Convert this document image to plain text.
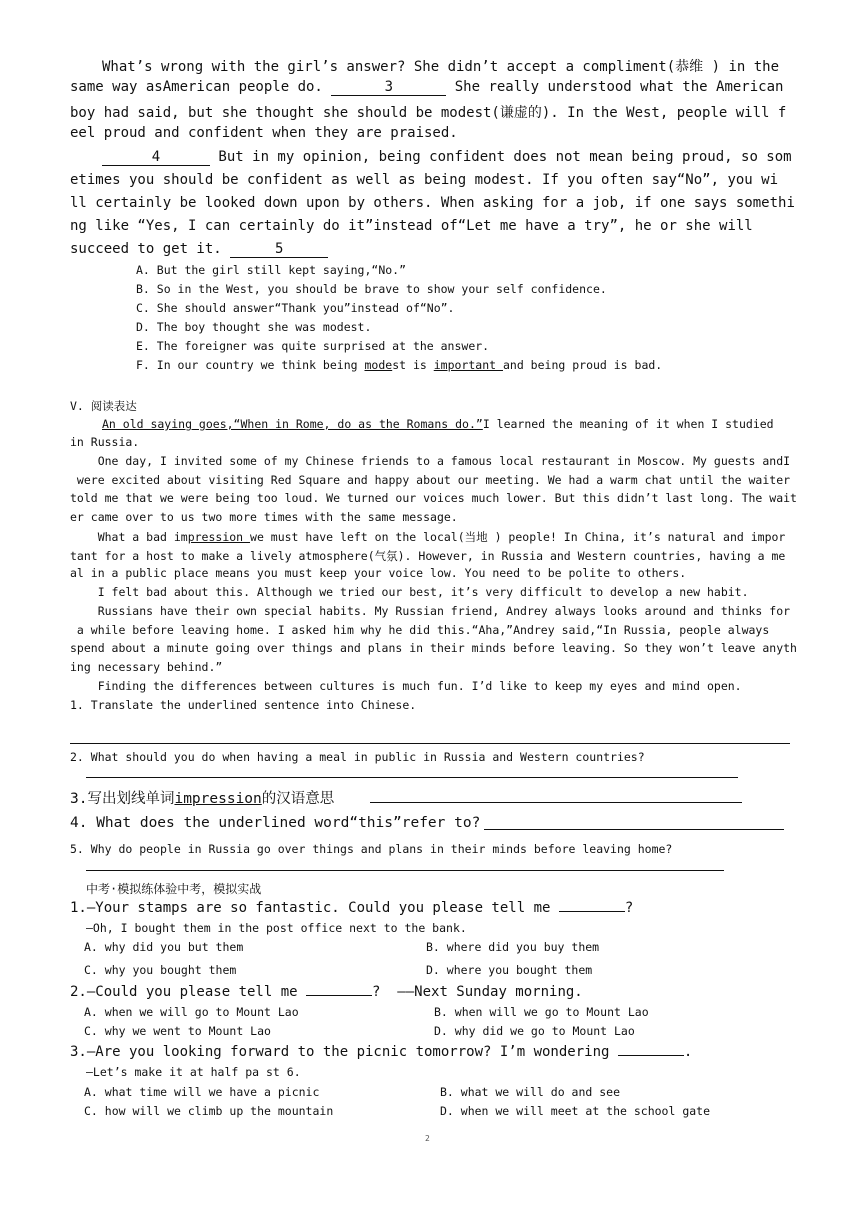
What’s wrong with the girl’s answer? She didn’t accept a compliment(恭维 ) in the
same way asAmerican people do.	3	She really understood what the American
boy had said, but she thought she should be modest(谦虚的). In the West, people will f
eel proud and confident when they are praised.
4	But in my opinion, being confident does not mean being proud, so som
etimes you should be confident as well as being modest. If you often say“No”, you wi
ll certainly be looked down upon by others. When asking for a job, if one says somethi
ng like “Yes, I can certainly do it”instead of“Let me have a try”, he or she will
succeed to get it.	5
A. But the girl still kept saying,“No.”
B. So in the West, you should be brave to show your self confidence.
C. She should answer“Thank you”instead of“No”.
D. The boy thought she was modest.
E. The foreigner was quite surprised at the answer.
F. In our country we think being modest is important and being proud is bad.
V. 阅读表达
An old saying goes,“When in Rome, do as the Romans do.”I learned the meaning of it when I studied
in Russia.
One day, I invited some of my Chinese friends to a famous local restaurant in Moscow. My guests andI
were excited about visiting Red Square and happy about our meeting. We had a warm chat until the waiter
told me that we were being too loud. We turned our voices much lower. But this didn’t last long. The wait
er came over to us two more times with the same message.
What a bad impression we must have left on the local(当地 ) people! In China, it’s natural and impor
tant for a host to make a lively atmosphere(气氛). However, in Russia and Western countries, having a me
al in a public place means you must keep your voice low. You need to be polite to others.
I felt bad about this. Although we tried our best, it’s very difficult to develop a new habit.
Russians have their own special habits. My Russian friend, Andrey always looks around and thinks for
a while before leaving home. I asked him why he did this.“Aha,”Andrey said,“In Russia, people always
spend about a minute going over things and plans in their minds before leaving. So they won’t leave anyth
ing necessary behind.”
Finding the differences between cultures is much fun. I’d like to keep my eyes and mind open.
1. Translate the underlined sentence into Chinese.
2. What should you do when having a meal in public in Russia and Western countries?
3.写出划线单词impression的汉语意思
4. What does the underlined word“this”refer to?
5. Why do people in Russia go over things and plans in their minds before leaving home?
中考·模拟练体验中考，模拟实战
1.—Your stamps are so fantastic. Could you please tell me	?
—Oh, I bought them in the post office next to the bank.
A. why did you but them	B. where did you buy them
C. why you bought them	D. where you bought them
2.—Could you please tell me	?  ——Next Sunday morning.
A. when we will go to Mount Lao	B. when will we go to Mount Lao
C. why we went to Mount Lao	D. why did we go to Mount Lao
3.—Are you looking forward to the picnic tomorrow? I’m wondering	.
—Let’s make it at half pa st 6.
A. what time will we have a picnic	B. what we will do and see
C. how will we climb up the mountain	D. when we will meet at the school gate
2
